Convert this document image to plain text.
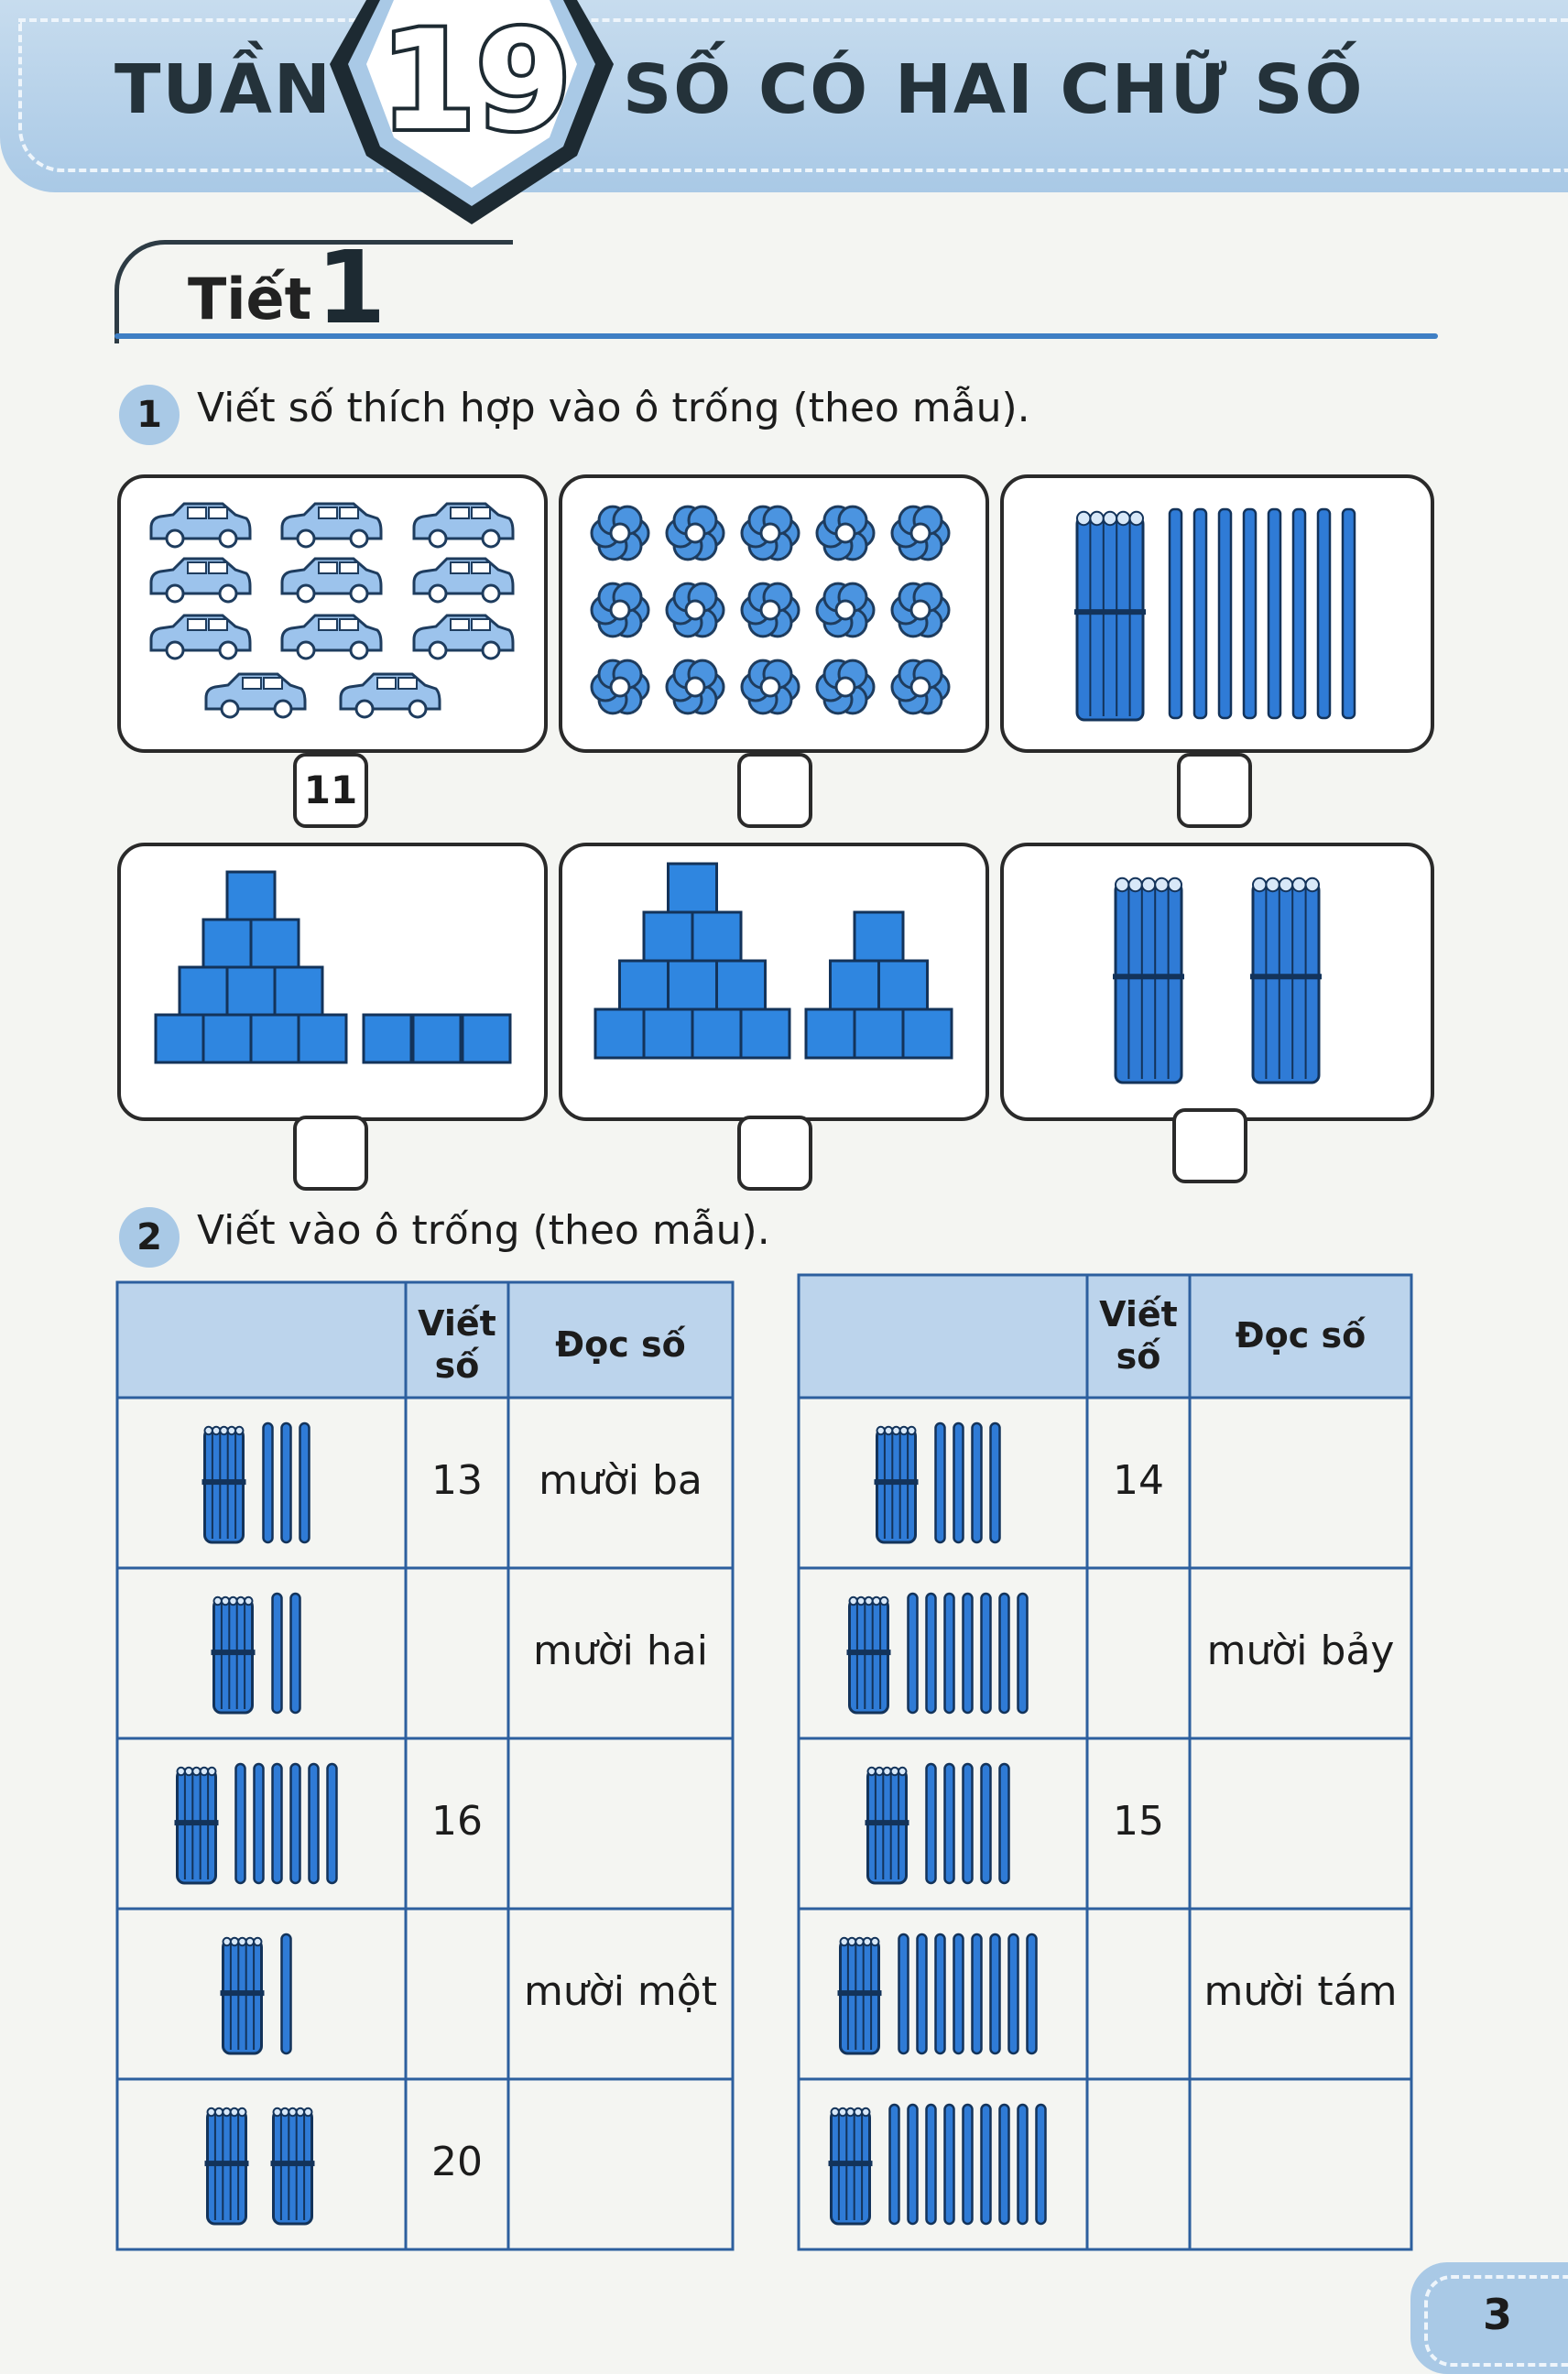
TUẦN 19 SỐ CÓ HAI CHỮ SỐ
Tiết 1
1 Viết số thích hợp vào ô trống (theo mẫu).
11
2 Viết vào ô trống (theo mẫu).
Viết số
Đọc số
Viết số
Đọc số
13	mười ba
mười hai
16
mười một
20
14
mười bảy
15
mười tám
3
